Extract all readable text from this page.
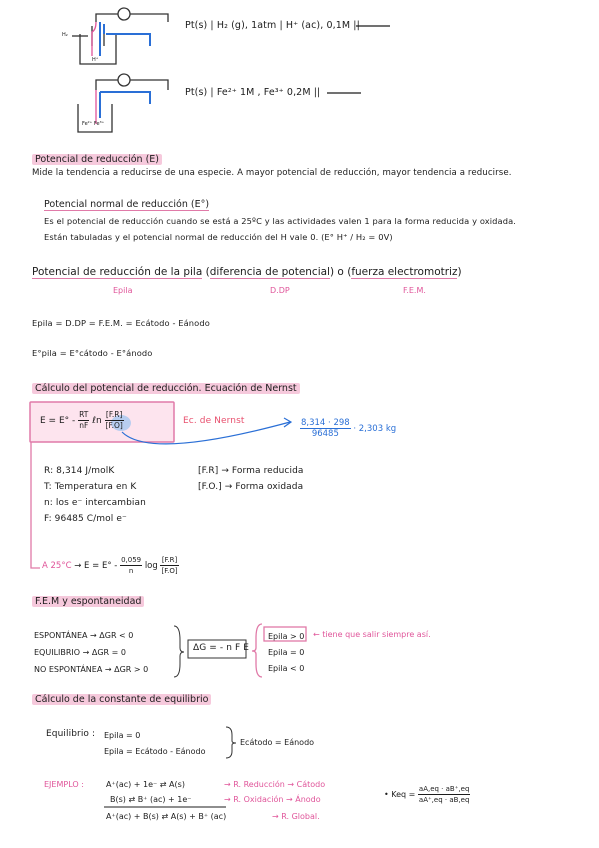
Pt(s) | H₂ (g), 1atm | H⁺ (ac), 0,1M ||
H₂
H⁺
Pt(s) | Fe²⁺ 1M , Fe³⁺ 0,2M ||
Fe²⁺ Fe³⁺
Potencial de reducción (E)
Mide la tendencia a reducirse de una especie. A mayor potencial de reducción, mayor tendencia a reducirse.
Potencial normal de reducción (E°)
Es el potencial de reducción cuando se está a 25ºC y las actividades valen 1 para la forma reducida y oxidada.
Están tabuladas y el potencial normal de reducción del H vale 0. (E° H⁺ / H₂ = 0V)
Potencial de reducción de la pila (diferencia de potencial) o (fuerza electromotriz)
Epila	D.DP	F.E.M.
Epila = D.DP = F.E.M. = Ecátodo - Eánodo
E°pila = E°cátodo - E°ánodo
Cálculo del potencial de reducción. Ecuación de Nernst
$E = E^\circ - \frac{RT}{nF}$ ℓn $\frac{[F.R]}{[F.O]}$	Ec. de Nernst	$\frac{8,314 \cdot 298}{96485} \cdot 2,303$ kg
R: 8,314 J/molK
T: Temperatura en K
n: los e⁻ intercambian
F: 96485 C/mol e⁻
[F.R] → Forma reducida
[F.O.] → Forma oxidada
A $25^\circ C \to E = E^\circ - \frac{0,059}{n}$ $\log \frac{[F.R]}{[F.O]}$
F.E.M y espontaneidad
ESPONTÁNEA → ΔGR < 0
EQUILIBRIO → ΔGR = 0
NO ESPONTÁNEA → ΔGR > 0
ΔG = - n F E
Epila > 0
Epila = 0
Epila < 0
← tiene que salir siempre así.
Cálculo de la constante de equilibrio
Equilibrio : Epila = 0
Epila = Ecátodo - Eánodo
Ecátodo = Eánodo
EJEMPLO :	A⁺(ac) + 1e⁻ ⇄ A(s)	→ R. Reducción → Cátodo
B(s) ⇄ B⁺ (ac) + 1e⁻	→ R. Oxidación → Ánodo
A⁺(ac) + B(s) ⇄ A(s) + B⁺ (ac)	→ R. Global.
• Keq = $\frac{aA,eq \cdot aB^+,eq}{aA^+,eq \cdot aB,eq}$
